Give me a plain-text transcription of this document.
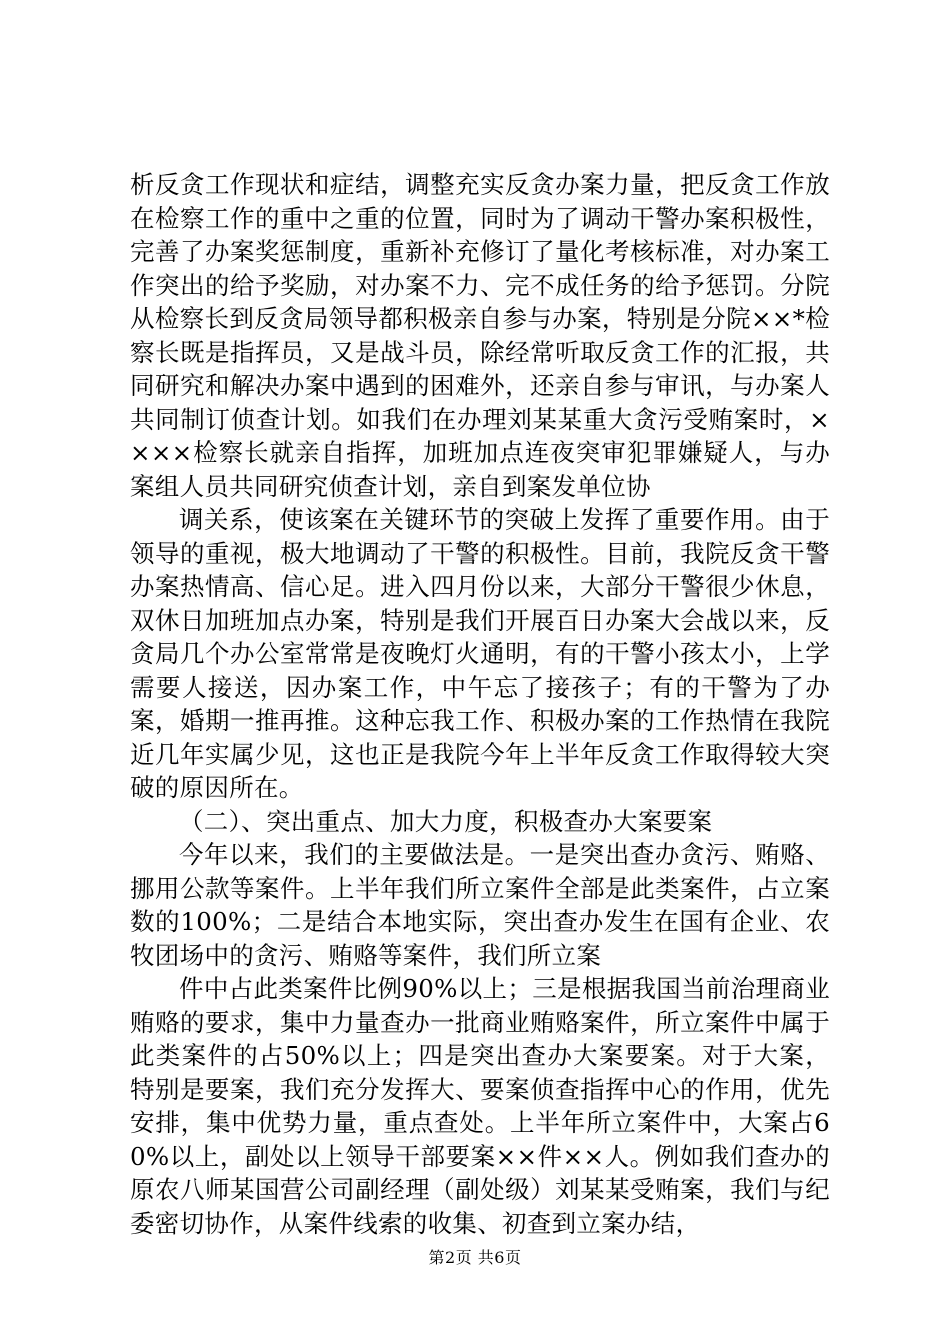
析反贪工作现状和症结，调整充实反贪办案力量，把反贪工作放在检察工作的重中之重的位置，同时为了调动干警办案积极性，完善了办案奖惩制度，重新补充修订了量化考核标准，对办案工作突出的给予奖励，对办案不力、完不成任务的给予惩罚。分院从检察长到反贪局领导都积极亲自参与办案，特别是分院××*检察长既是指挥员，又是战斗员，除经常听取反贪工作的汇报，共同研究和解决办案中遇到的困难外，还亲自参与审讯，与办案人共同制订侦查计划。如我们在办理刘某某重大贪污受贿案时，××××检察长就亲自指挥，加班加点连夜突审犯罪嫌疑人，与办案组人员共同研究侦查计划，亲自到案发单位协

调关系，使该案在关键环节的突破上发挥了重要作用。由于领导的重视，极大地调动了干警的积极性。目前，我院反贪干警办案热情高、信心足。进入四月份以来，大部分干警很少休息，双休日加班加点办案，特别是我们开展百日办案大会战以来，反贪局几个办公室常常是夜晚灯火通明，有的干警小孩太小，上学需要人接送，因办案工作，中午忘了接孩子；有的干警为了办案，婚期一推再推。这种忘我工作、积极办案的工作热情在我院近几年实属少见，这也正是我院今年上半年反贪工作取得较大突破的原因所在。

（二）、突出重点、加大力度，积极查办大案要案

今年以来，我们的主要做法是。一是突出查办贪污、贿赂、挪用公款等案件。上半年我们所立案件全部是此类案件，占立案数的100%；二是结合本地实际，突出查办发生在国有企业、农牧团场中的贪污、贿赂等案件，我们所立案

件中占此类案件比例90%以上；三是根据我国当前治理商业贿赂的要求，集中力量查办一批商业贿赂案件，所立案件中属于此类案件的占50%以上；四是突出查办大案要案。对于大案，特别是要案，我们充分发挥大、要案侦查指挥中心的作用，优先安排，集中优势力量，重点查处。上半年所立案件中，大案占60%以上，副处以上领导干部要案××件××人。例如我们查办的原农八师某国营公司副经理（副处级）刘某某受贿案，我们与纪委密切协作，从案件线索的收集、初查到立案办结，

第2页 共6页
